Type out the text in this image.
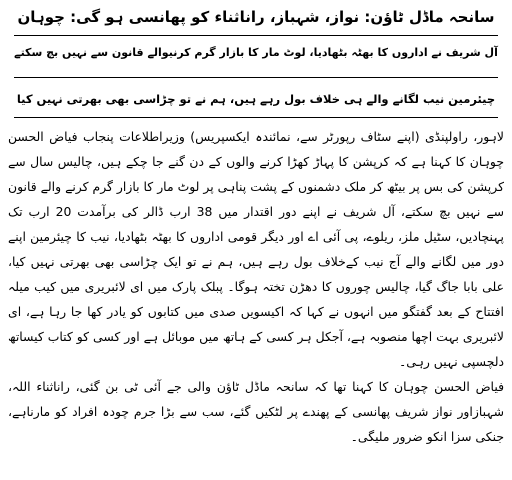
سانحہ ماڈل ٹاؤن: نواز، شہباز، راناثناء کو پھانسی ہو گی: چوہان
آل شریف نے اداروں کا بھٹہ بٹھادیا، لوٹ مار کا بازار گرم کرنیوالے قانون سے نہیں بچ سکتے
چیئرمین نیب لگانے والے ہی خلاف بول رہے ہیں، ہم نے تو چڑاسی بھی بھرتی نہیں کیا

لاہور، راولپنڈی (اپنے سٹاف رپورٹر سے، نمائندہ ایکسپریس) وزیراطلاعات پنجاب فیاض الحسن چوہان کا کہنا ہے کہ کرپشن کا پہاڑ کھڑا کرنے والوں کے دن گنے جا چکے ہیں، چالیس سال سے کرپشن کی بس پر بیٹھ کر ملک دشمنوں کے پشت پناہی پر لوٹ مار کا بازار گرم کرنے والے قانون سے نہیں بچ سکتے، آل شریف نے اپنے دور اقتدار میں 38 ارب ڈالر کی برآمدت 20 ارب تک پہنچادیں، سٹیل ملز، ریلوے، پی آئی اے اور دیگر قومی اداروں کا بھٹہ بٹھادیا، نیب کا چیئرمین اپنے دور میں لگانے والے آج نیب کےخلاف بول رہے ہیں، ہم نے تو ایک چڑاسی بھی بھرتی نہیں کیا، علی بابا جاگ گیا، چالیس چوروں کا دھڑن تختہ ہوگا۔ پبلک پارک میں ای لائبریری میں کیب میلہ افتتاح کے بعد گفتگو میں انہوں نے کہا کہ اکیسویں صدی میں کتابوں کو یادر کھا جا رہا ہے، ای لائبریری بہت اچھا منصوبہ ہے، آجکل ہر کسی کے ہاتھ میں موبائل ہے اور کسی کو کتاب کیساتھ دلچسپی نہیں رہی۔

فیاض الحسن چوہان کا کہنا تھا کہ سانحہ ماڈل ٹاؤن والی جے آئی ٹی بن گئی، راناثناء اللہ، شہبازاور نواز شریف پھانسی کے پھندے پر لٹکیں گئے، سب سے بڑا جرم چودہ افراد کو مارناہے، جنکی سزا انکو ضرور ملیگی۔
